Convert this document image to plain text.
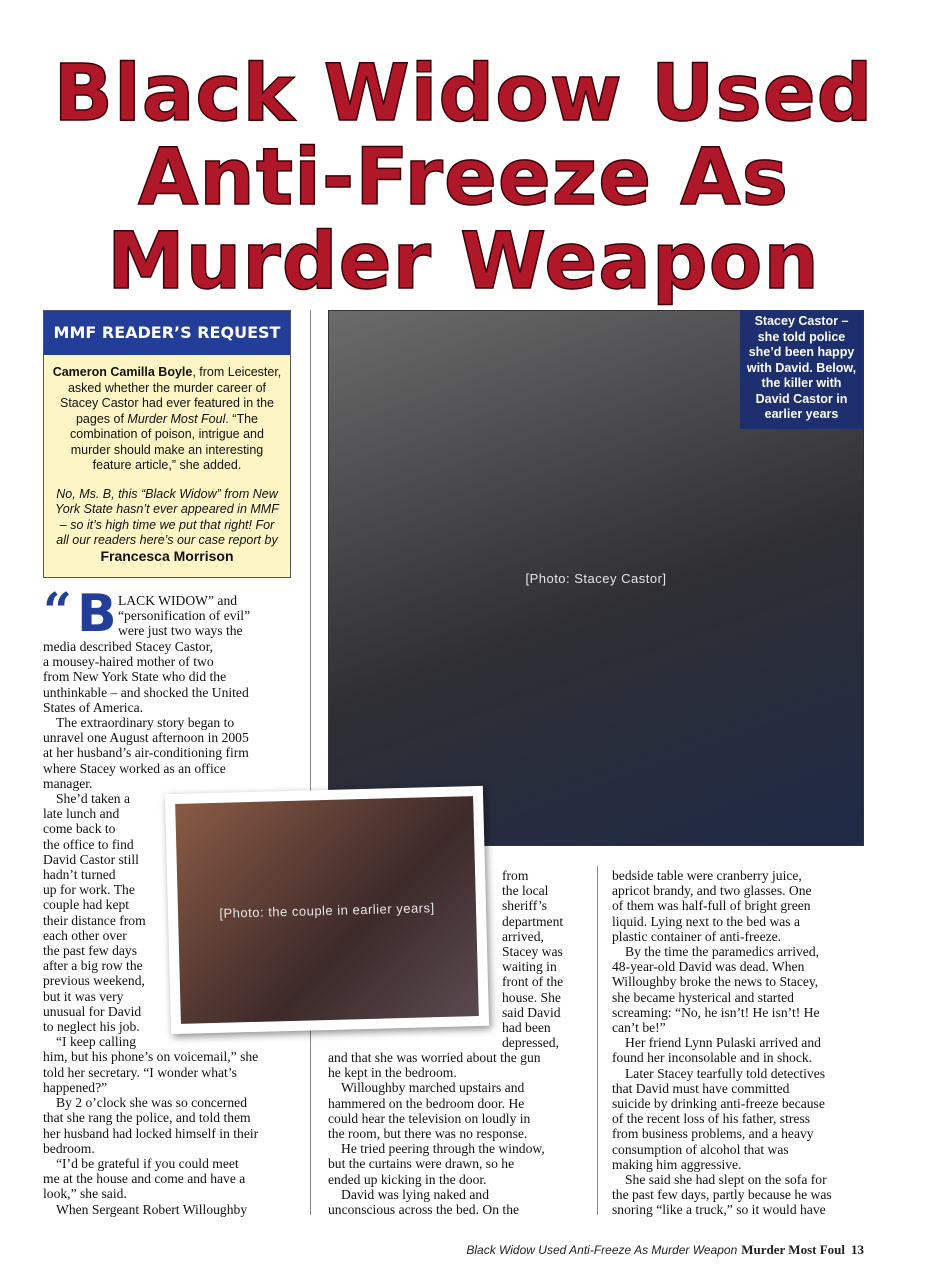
Black Widow Used
Anti-Freeze As
Murder Weapon
MMF READER’S REQUEST

Cameron Camilla Boyle, from Leicester, asked whether the murder career of Stacey Castor had ever featured in the pages of Murder Most Foul. “The combination of poison, intrigue and murder should make an interesting feature article,” she added.

No, Ms. B, this “Black Widow” from New York State hasn’t ever appeared in MMF – so it’s high time we put that right! For all our readers here’s our case report by Francesca Morrison

[Photo: Stacey Castor]
Stacey Castor – she told police she’d been happy with David. Below, the killer with David Castor in earlier years
“ B LACK WIDOW” and
“personification of evil”
were just two ways the
media described Stacey Castor,
a mousey-haired mother of two
from New York State who did the
unthinkable – and shocked the United
States of America.
The extraordinary story began to
unravel one August afternoon in 2005
at her husband’s air-conditioning firm
where Stacey worked as an office
manager.
She’d taken a
late lunch and
come back to
the office to find
David Castor still
hadn’t turned
up for work. The
couple had kept
their distance from
each other over
the past few days
after a big row the
previous weekend,
but it was very
unusual for David
to neglect his job.
“I keep calling
him, but his phone’s on voicemail,” she
told her secretary. “I wonder what’s
happened?”
By 2 o’clock she was so concerned
that she rang the police, and told them
her husband had locked himself in their
bedroom.
“I’d be grateful if you could meet
me at the house and come and have a
look,” she said.
When Sergeant Robert Willoughby
[Photo: the couple in earlier years]
from
the local
sheriff’s
department
arrived,
Stacey was
waiting in
front of the
house. She
said David
had been
depressed,
and that she was worried about the gun
he kept in the bedroom.
Willoughby marched upstairs and
hammered on the bedroom door. He
could hear the television on loudly in
the room, but there was no response.
He tried peering through the window,
but the curtains were drawn, so he
ended up kicking in the door.
David was lying naked and
unconscious across the bed. On the
bedside table were cranberry juice,
apricot brandy, and two glasses. One
of them was half-full of bright green
liquid. Lying next to the bed was a
plastic container of anti-freeze.
By the time the paramedics arrived,
48-year-old David was dead. When
Willoughby broke the news to Stacey,
she became hysterical and started
screaming: “No, he isn’t! He isn’t! He
can’t be!”
Her friend Lynn Pulaski arrived and
found her inconsolable and in shock.
Later Stacey tearfully told detectives
that David must have committed
suicide by drinking anti-freeze because
of the recent loss of his father, stress
from business problems, and a heavy
consumption of alcohol that was
making him aggressive.
She said she had slept on the sofa for
the past few days, partly because he was
snoring “like a truck,” so it would have
Black Widow Used Anti-Freeze As Murder Weapon Murder Most Foul 13
